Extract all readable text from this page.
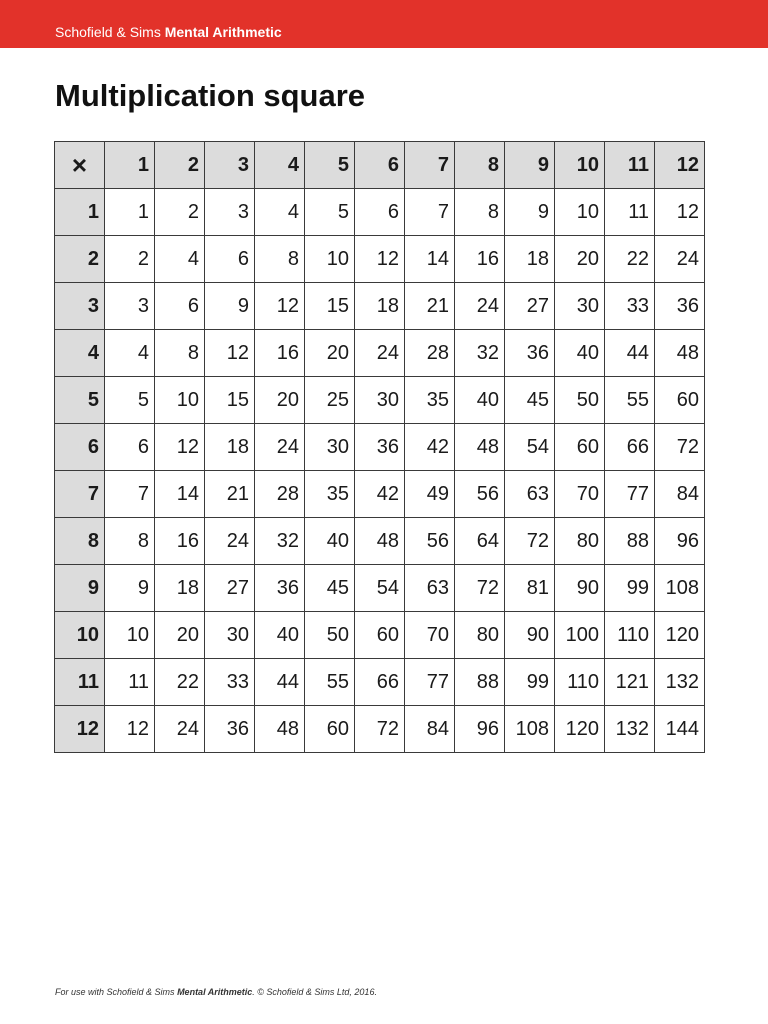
Schofield & Sims Mental Arithmetic
Multiplication square
×	1	2	3	4	5	6	7	8	9	10	11	12
1	1	2	3	4	5	6	7	8	9	10	11	12
2	2	4	6	8	10	12	14	16	18	20	22	24
3	3	6	9	12	15	18	21	24	27	30	33	36
4	4	8	12	16	20	24	28	32	36	40	44	48
5	5	10	15	20	25	30	35	40	45	50	55	60
6	6	12	18	24	30	36	42	48	54	60	66	72
7	7	14	21	28	35	42	49	56	63	70	77	84
8	8	16	24	32	40	48	56	64	72	80	88	96
9	9	18	27	36	45	54	63	72	81	90	99	108
10	10	20	30	40	50	60	70	80	90	100	110	120
11	11	22	33	44	55	66	77	88	99	110	121	132
12	12	24	36	48	60	72	84	96	108	120	132	144
For use with Schofield & Sims Mental Arithmetic. © Schofield & Sims Ltd, 2016.
